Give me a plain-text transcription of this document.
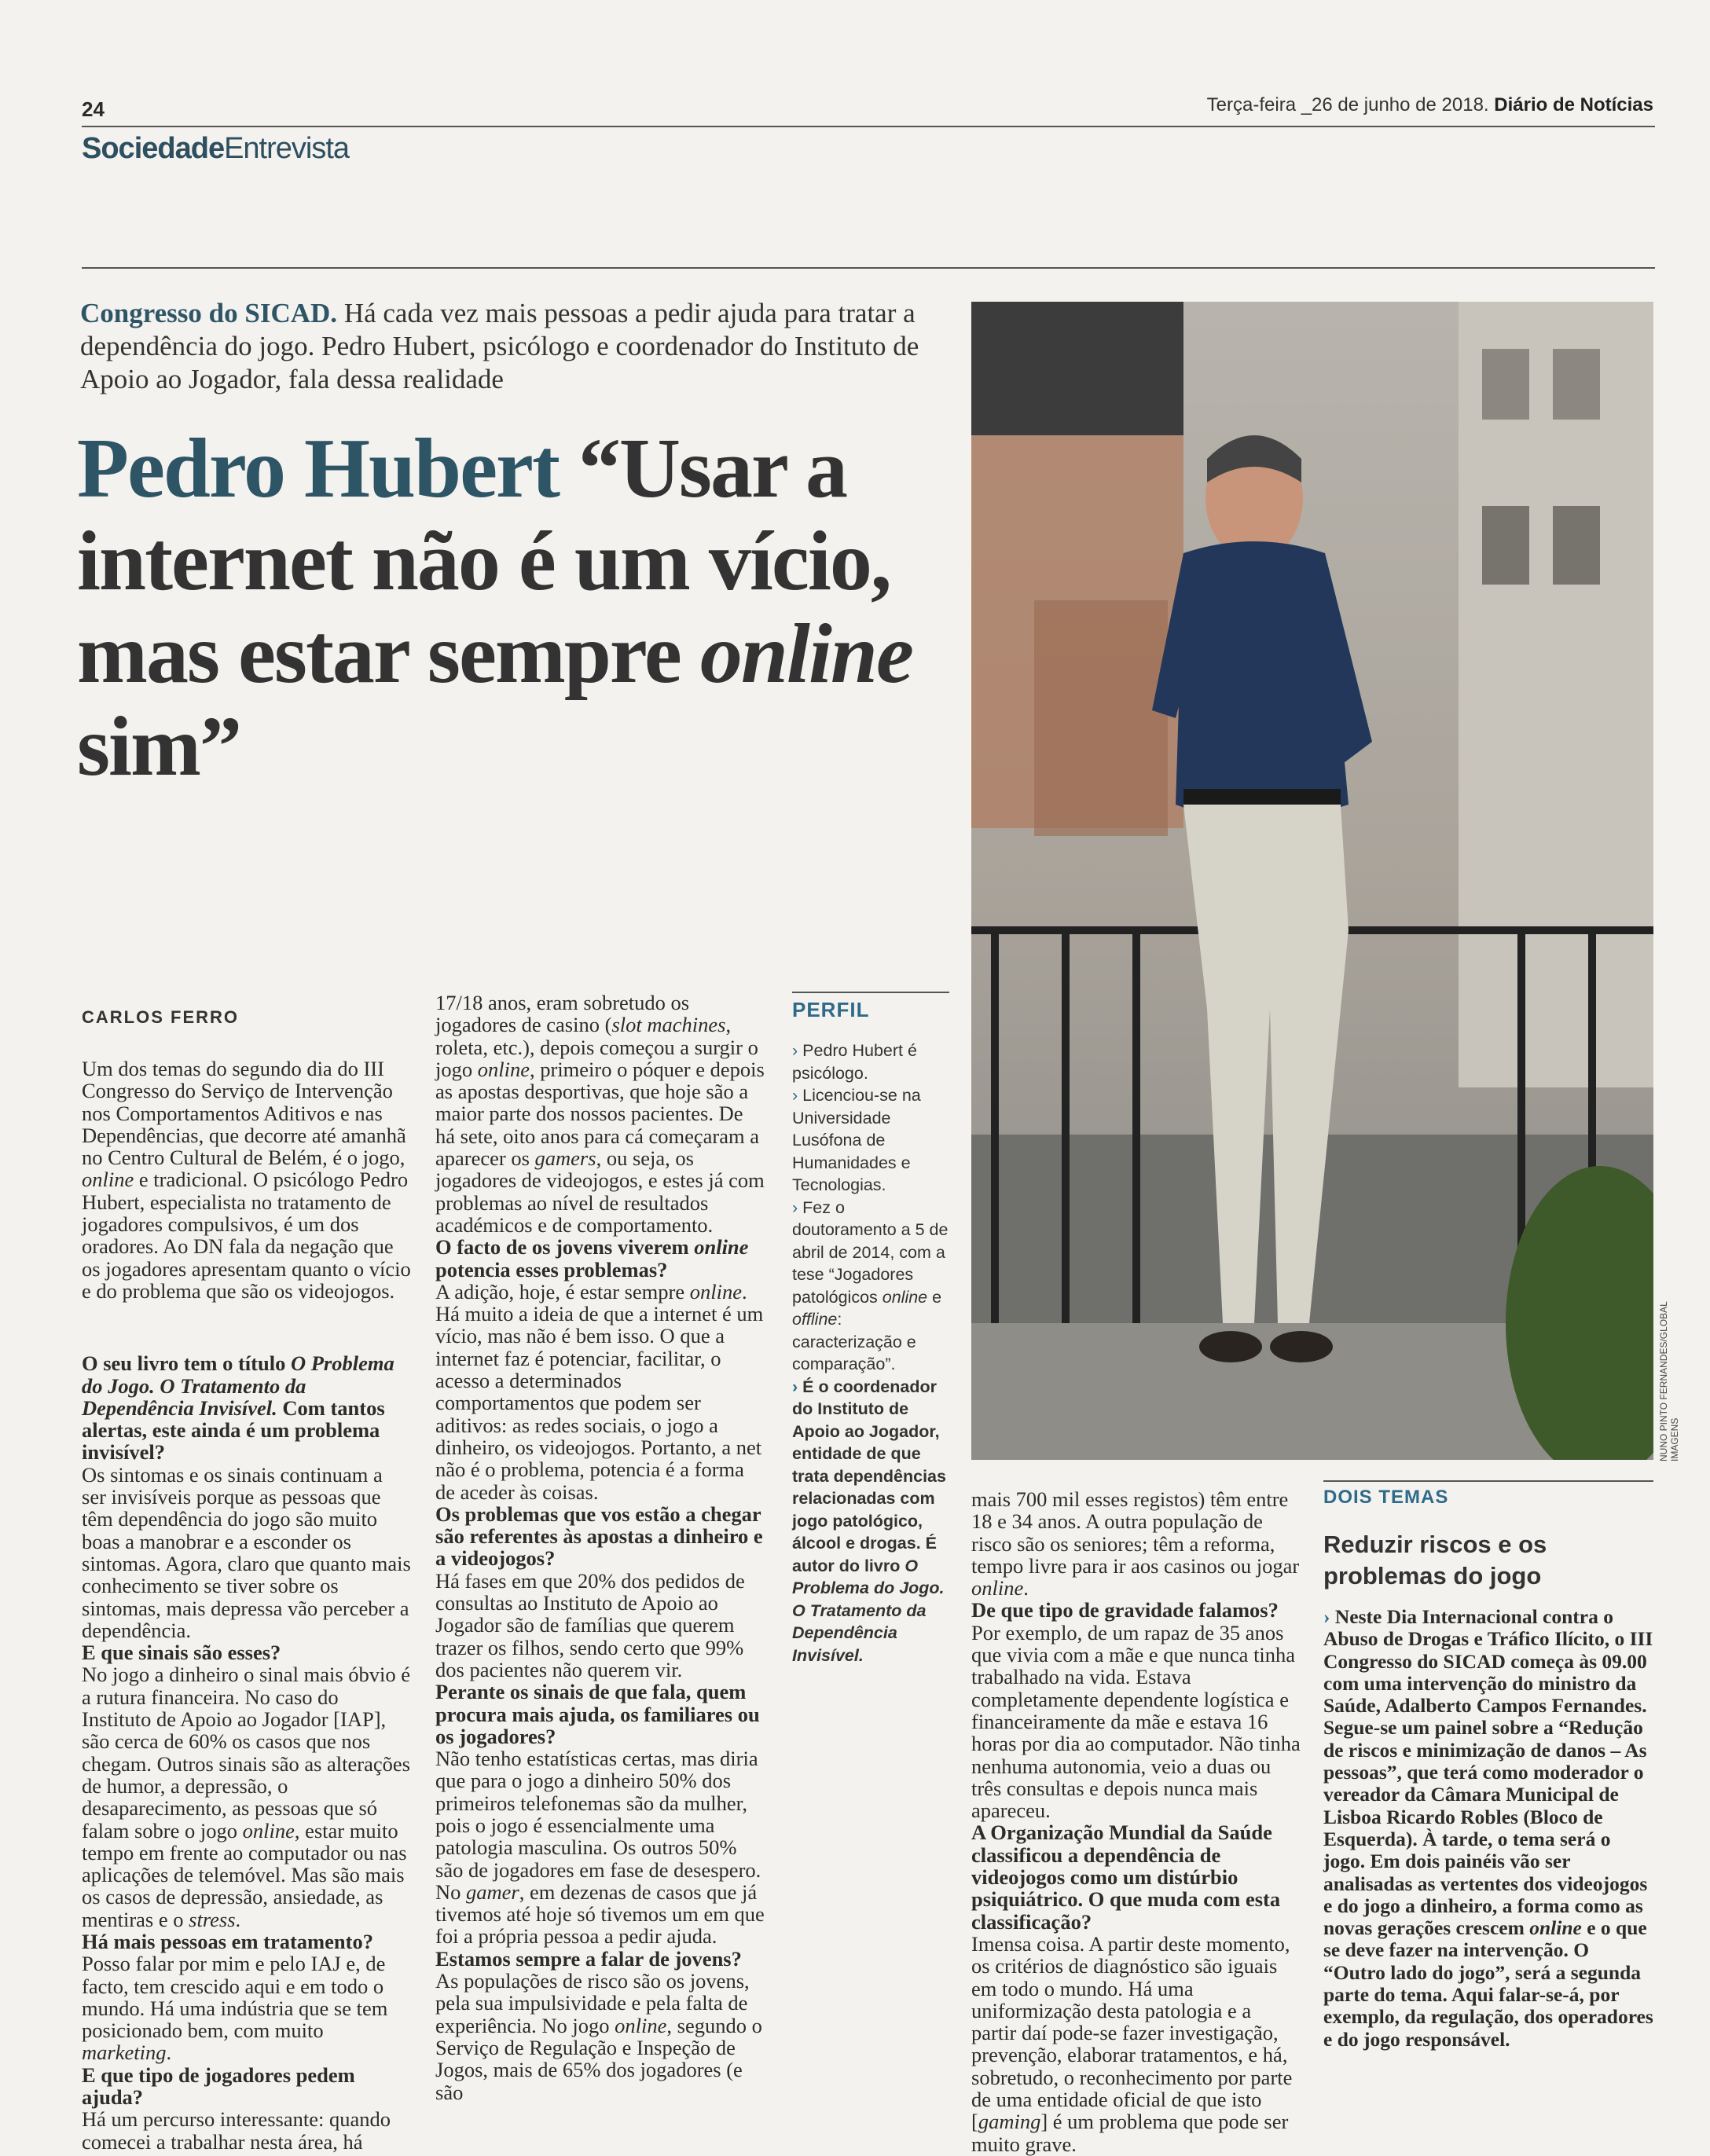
24	Terça-feira _26 de junho de 2018. Diário de Notícias
SociedadeEntrevista
Congresso do SICAD. Há cada vez mais pessoas a pedir ajuda para tratar a dependência do jogo. Pedro Hubert, psicólogo e coordenador do Instituto de Apoio ao Jogador, fala dessa realidade
Pedro Hubert “Usar a internet não é um vício, mas estar sempre online sim”
NUNO PINTO FERNANDES/GLOBAL IMAGENS
CARLOS FERRO

Um dos temas do segundo dia do III Congresso do Serviço de Intervenção nos Comportamentos Aditivos e nas Dependências, que decorre até amanhã no Centro Cultural de Belém, é o jogo, online e tradicional. O psicólogo Pedro Hubert, especialista no tratamento de jogadores compulsivos, é um dos oradores. Ao DN fala da negação que os jogadores apresentam quanto o vício e do problema que são os videojogos.

O seu livro tem o título O Problema do Jogo. O Tratamento da Dependência Invisível. Com tantos alertas, este ainda é um problema invisível?

Os sintomas e os sinais continuam a ser invisíveis porque as pessoas que têm dependência do jogo são muito boas a manobrar e a esconder os sintomas. Agora, claro que quanto mais conhecimento se tiver sobre os sintomas, mais depressa vão perceber a dependência.

E que sinais são esses?

No jogo a dinheiro o sinal mais óbvio é a rutura financeira. No caso do Instituto de Apoio ao Jogador [IAP], são cerca de 60% os casos que nos chegam. Outros sinais são as alterações de humor, a depressão, o desaparecimento, as pessoas que só falam sobre o jogo online, estar muito tempo em frente ao computador ou nas aplicações de telemóvel. Mas são mais os casos de depressão, ansiedade, as mentiras e o stress.

Há mais pessoas em tratamento?

Posso falar por mim e pelo IAJ e, de facto, tem crescido aqui e em todo o mundo. Há uma indústria que se tem posicionado bem, com muito marketing.

E que tipo de jogadores pedem ajuda?

Há um percurso interessante: quando comecei a trabalhar nesta área, há

17/18 anos, eram sobretudo os jogadores de casino (slot machines, roleta, etc.), depois começou a surgir o jogo online, primeiro o póquer e depois as apostas desportivas, que hoje são a maior parte dos nossos pacientes. De há sete, oito anos para cá começaram a aparecer os gamers, ou seja, os jogadores de videojogos, e estes já com problemas ao nível de resultados académicos e de comportamento.

O facto de os jovens viverem online potencia esses problemas?

A adição, hoje, é estar sempre online. Há muito a ideia de que a internet é um vício, mas não é bem isso. O que a internet faz é potenciar, facilitar, o acesso a determinados comportamentos que podem ser aditivos: as redes sociais, o jogo a dinheiro, os videojogos. Portanto, a net não é o problema, potencia é a forma de aceder às coisas.

Os problemas que vos estão a chegar são referentes às apostas a dinheiro e a videojogos?

Há fases em que 20% dos pedidos de consultas ao Instituto de Apoio ao Jogador são de famílias que querem trazer os filhos, sendo certo que 99% dos pacientes não querem vir.

Perante os sinais de que fala, quem procura mais ajuda, os familiares ou os jogadores?

Não tenho estatísticas certas, mas diria que para o jogo a dinheiro 50% dos primeiros telefonemas são da mulher, pois o jogo é essencialmente uma patologia masculina. Os outros 50% são de jogadores em fase de desespero. No gamer, em dezenas de casos que já tivemos até hoje só tivemos um em que foi a própria pessoa a pedir ajuda.

Estamos sempre a falar de jovens?

As populações de risco são os jovens, pela sua impulsividade e pela falta de experiência. No jogo online, segundo o Serviço de Regulação e Inspeção de Jogos, mais de 65% dos jogadores (e são

PERFIL

› Pedro Hubert é psicólogo.

› Licenciou-se na Universidade Lusófona de Humanidades e Tecnologias.

› Fez o doutoramento a 5 de abril de 2014, com a tese “Jogadores patológicos online e offline: caracterização e comparação”.

› É o coordenador do Instituto de Apoio ao Jogador, entidade de que trata dependências relacionadas com jogo patológico, álcool e drogas. É autor do livro O Problema do Jogo. O Tratamento da Dependência Invisível.

mais 700 mil esses registos) têm entre 18 e 34 anos. A outra população de risco são os seniores; têm a reforma, tempo livre para ir aos casinos ou jogar online.

De que tipo de gravidade falamos?

Por exemplo, de um rapaz de 35 anos que vivia com a mãe e que nunca tinha trabalhado na vida. Estava completamente dependente logística e financeiramente da mãe e estava 16 horas por dia ao computador. Não tinha nenhuma autonomia, veio a duas ou três consultas e depois nunca mais apareceu.

A Organização Mundial da Saúde classificou a dependência de videojogos como um distúrbio psiquiátrico. O que muda com esta classificação?

Imensa coisa. A partir deste momento, os critérios de diagnóstico são iguais em todo o mundo. Há uma uniformização desta patologia e a partir daí pode-se fazer investigação, prevenção, elaborar tratamentos, e há, sobretudo, o reconhecimento por parte de uma entidade oficial de que isto [gaming] é um problema que pode ser muito grave.

DOIS TEMAS
Reduzir riscos e os problemas do jogo

› Neste Dia Internacional contra o Abuso de Drogas e Tráfico Ilícito, o III Congresso do SICAD começa às 09.00 com uma intervenção do ministro da Saúde, Adalberto Campos Fernandes. Segue-se um painel sobre a “Redução de riscos e minimização de danos – As pessoas”, que terá como moderador o vereador da Câmara Municipal de Lisboa Ricardo Robles (Bloco de Esquerda). À tarde, o tema será o jogo. Em dois painéis vão ser analisadas as vertentes dos videojogos e do jogo a dinheiro, a forma como as novas gerações crescem online e o que se deve fazer na intervenção. O “Outro lado do jogo”, será a segunda parte do tema. Aqui falar-se-á, por exemplo, da regulação, dos operadores e do jogo responsável.
